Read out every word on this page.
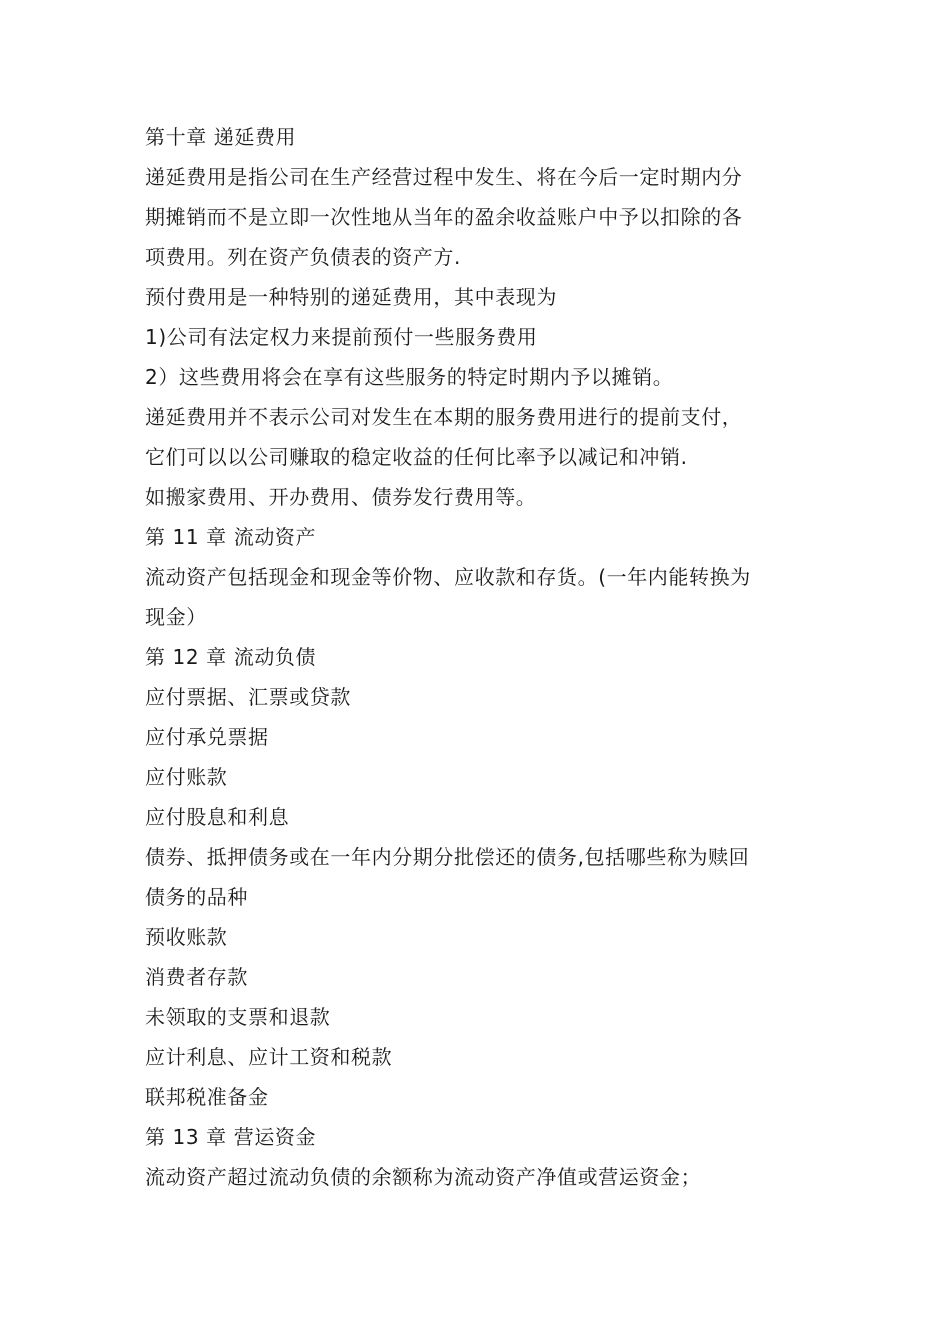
第十章 递延费用
递延费用是指公司在生产经营过程中发生、将在今后一定时期内分
期摊销而不是立即一次性地从当年的盈余收益账户中予以扣除的各
项费用。列在资产负债表的资产方.
预付费用是一种特别的递延费用，其中表现为
1)公司有法定权力来提前预付一些服务费用
2）这些费用将会在享有这些服务的特定时期内予以摊销。
递延费用并不表示公司对发生在本期的服务费用进行的提前支付，
它们可以以公司赚取的稳定收益的任何比率予以减记和冲销.
如搬家费用、开办费用、债券发行费用等。
第 11 章 流动资产
流动资产包括现金和现金等价物、应收款和存货。(一年内能转换为
现金）
第 12 章 流动负债
应付票据、汇票或贷款
应付承兑票据
应付账款
应付股息和利息
债券、抵押债务或在一年内分期分批偿还的债务,包括哪些称为赎回
债务的品种
预收账款
消费者存款
未领取的支票和退款
应计利息、应计工资和税款
联邦税准备金
第 13 章 营运资金
流动资产超过流动负债的余额称为流动资产净值或营运资金；
